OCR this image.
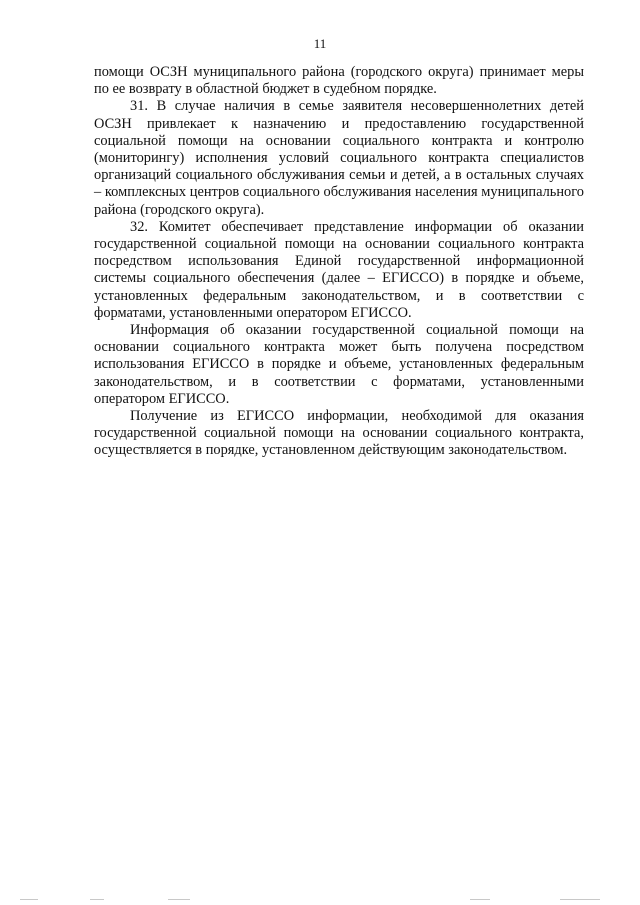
11

помощи ОСЗН муниципального района (городского округа) принимает меры по ее возврату в областной бюджет в судебном порядке.

31. В случае наличия в семье заявителя несовершеннолетних детей ОСЗН привлекает к назначению и предоставлению государственной социальной помощи на основании социального контракта и контролю (мониторингу) исполнения условий социального контракта специалистов организаций социального обслуживания семьи и детей, а в остальных случаях – комплексных центров социального обслуживания населения муниципального района (городского округа).

32. Комитет обеспечивает представление информации об оказании государственной социальной помощи на основании социального контракта посредством использования Единой государственной информационной системы социального обеспечения (далее – ЕГИССО) в порядке и объеме, установленных федеральным законодательством, и в соответствии с форматами, установленными оператором ЕГИССО.

Информация об оказании государственной социальной помощи на основании социального контракта может быть получена посредством использования ЕГИССО в порядке и объеме, установленных федеральным законодательством, и в соответствии с форматами, установленными оператором ЕГИССО.

Получение из ЕГИССО информации, необходимой для оказания государственной социальной помощи на основании социального контракта, осуществляется в порядке, установленном действующим законодательством.
